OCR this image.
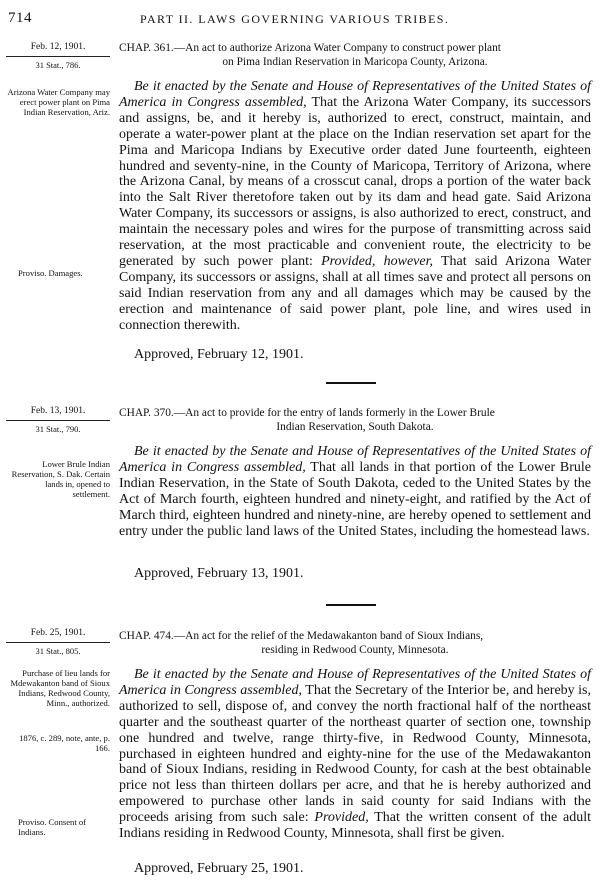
714	PART II. LAWS GOVERNING VARIOUS TRIBES.
Feb. 12, 1901.
31 Stat., 786.
Arizona Water Company may erect power plant on Pima Indian Reservation, Ariz.
Proviso. Damages.
CHAP. 361.—An act to authorize Arizona Water Company to construct power plant
on Pima Indian Reservation in Maricopa County, Arizona.
Be it enacted by the Senate and House of Representatives of the United States of America in Congress assembled, That the Arizona Water Company, its successors and assigns, be, and it hereby is, authorized to erect, construct, maintain, and operate a water-power plant at the place on the Indian reservation set apart for the Pima and Maricopa Indians by Executive order dated June fourteenth, eighteen hundred and seventy-nine, in the County of Maricopa, Territory of Arizona, where the Arizona Canal, by means of a crosscut canal, drops a portion of the water back into the Salt River theretofore taken out by its dam and head gate. Said Arizona Water Company, its successors or assigns, is also authorized to erect, construct, and maintain the necessary poles and wires for the purpose of transmitting across said reservation, at the most practicable and convenient route, the electricity to be generated by such power plant: Provided, however, That said Arizona Water Company, its successors or assigns, shall at all times save and protect all persons on said Indian reservation from any and all damages which may be caused by the erection and maintenance of said power plant, pole line, and wires used in connection therewith.
Approved, February 12, 1901.
Feb. 13, 1901.
31 Stat., 790.
Lower Brule Indian Reservation, S. Dak. Certain lands in, opened to settlement.
CHAP. 370.—An act to provide for the entry of lands formerly in the Lower Brule
Indian Reservation, South Dakota.
Be it enacted by the Senate and House of Representatives of the United States of America in Congress assembled, That all lands in that portion of the Lower Brule Indian Reservation, in the State of South Dakota, ceded to the United States by the Act of March fourth, eighteen hundred and ninety-eight, and ratified by the Act of March third, eighteen hundred and ninety-nine, are hereby opened to settlement and entry under the public land laws of the United States, including the homestead laws.
Approved, February 13, 1901.
Feb. 25, 1901.
31 Stat., 805.
Purchase of lieu lands for Mdewakanton band of Sioux Indians, Redwood County, Minn., authorized.
1876, c. 289, note, ante, p. 166.
Proviso. Consent of Indians.
CHAP. 474.—An act for the relief of the Medawakanton band of Sioux Indians,
residing in Redwood County, Minnesota.
Be it enacted by the Senate and House of Representatives of the United States of America in Congress assembled, That the Secretary of the Interior be, and hereby is, authorized to sell, dispose of, and convey the north fractional half of the northeast quarter and the southeast quarter of the northeast quarter of section one, township one hundred and twelve, range thirty-five, in Redwood County, Minnesota, purchased in eighteen hundred and eighty-nine for the use of the Medawakanton band of Sioux Indians, residing in Redwood County, for cash at the best obtainable price not less than thirteen dollars per acre, and that he is hereby authorized and empowered to purchase other lands in said county for said Indians with the proceeds arising from such sale: Provided, That the written consent of the adult Indians residing in Redwood County, Minnesota, shall first be given.
Approved, February 25, 1901.
